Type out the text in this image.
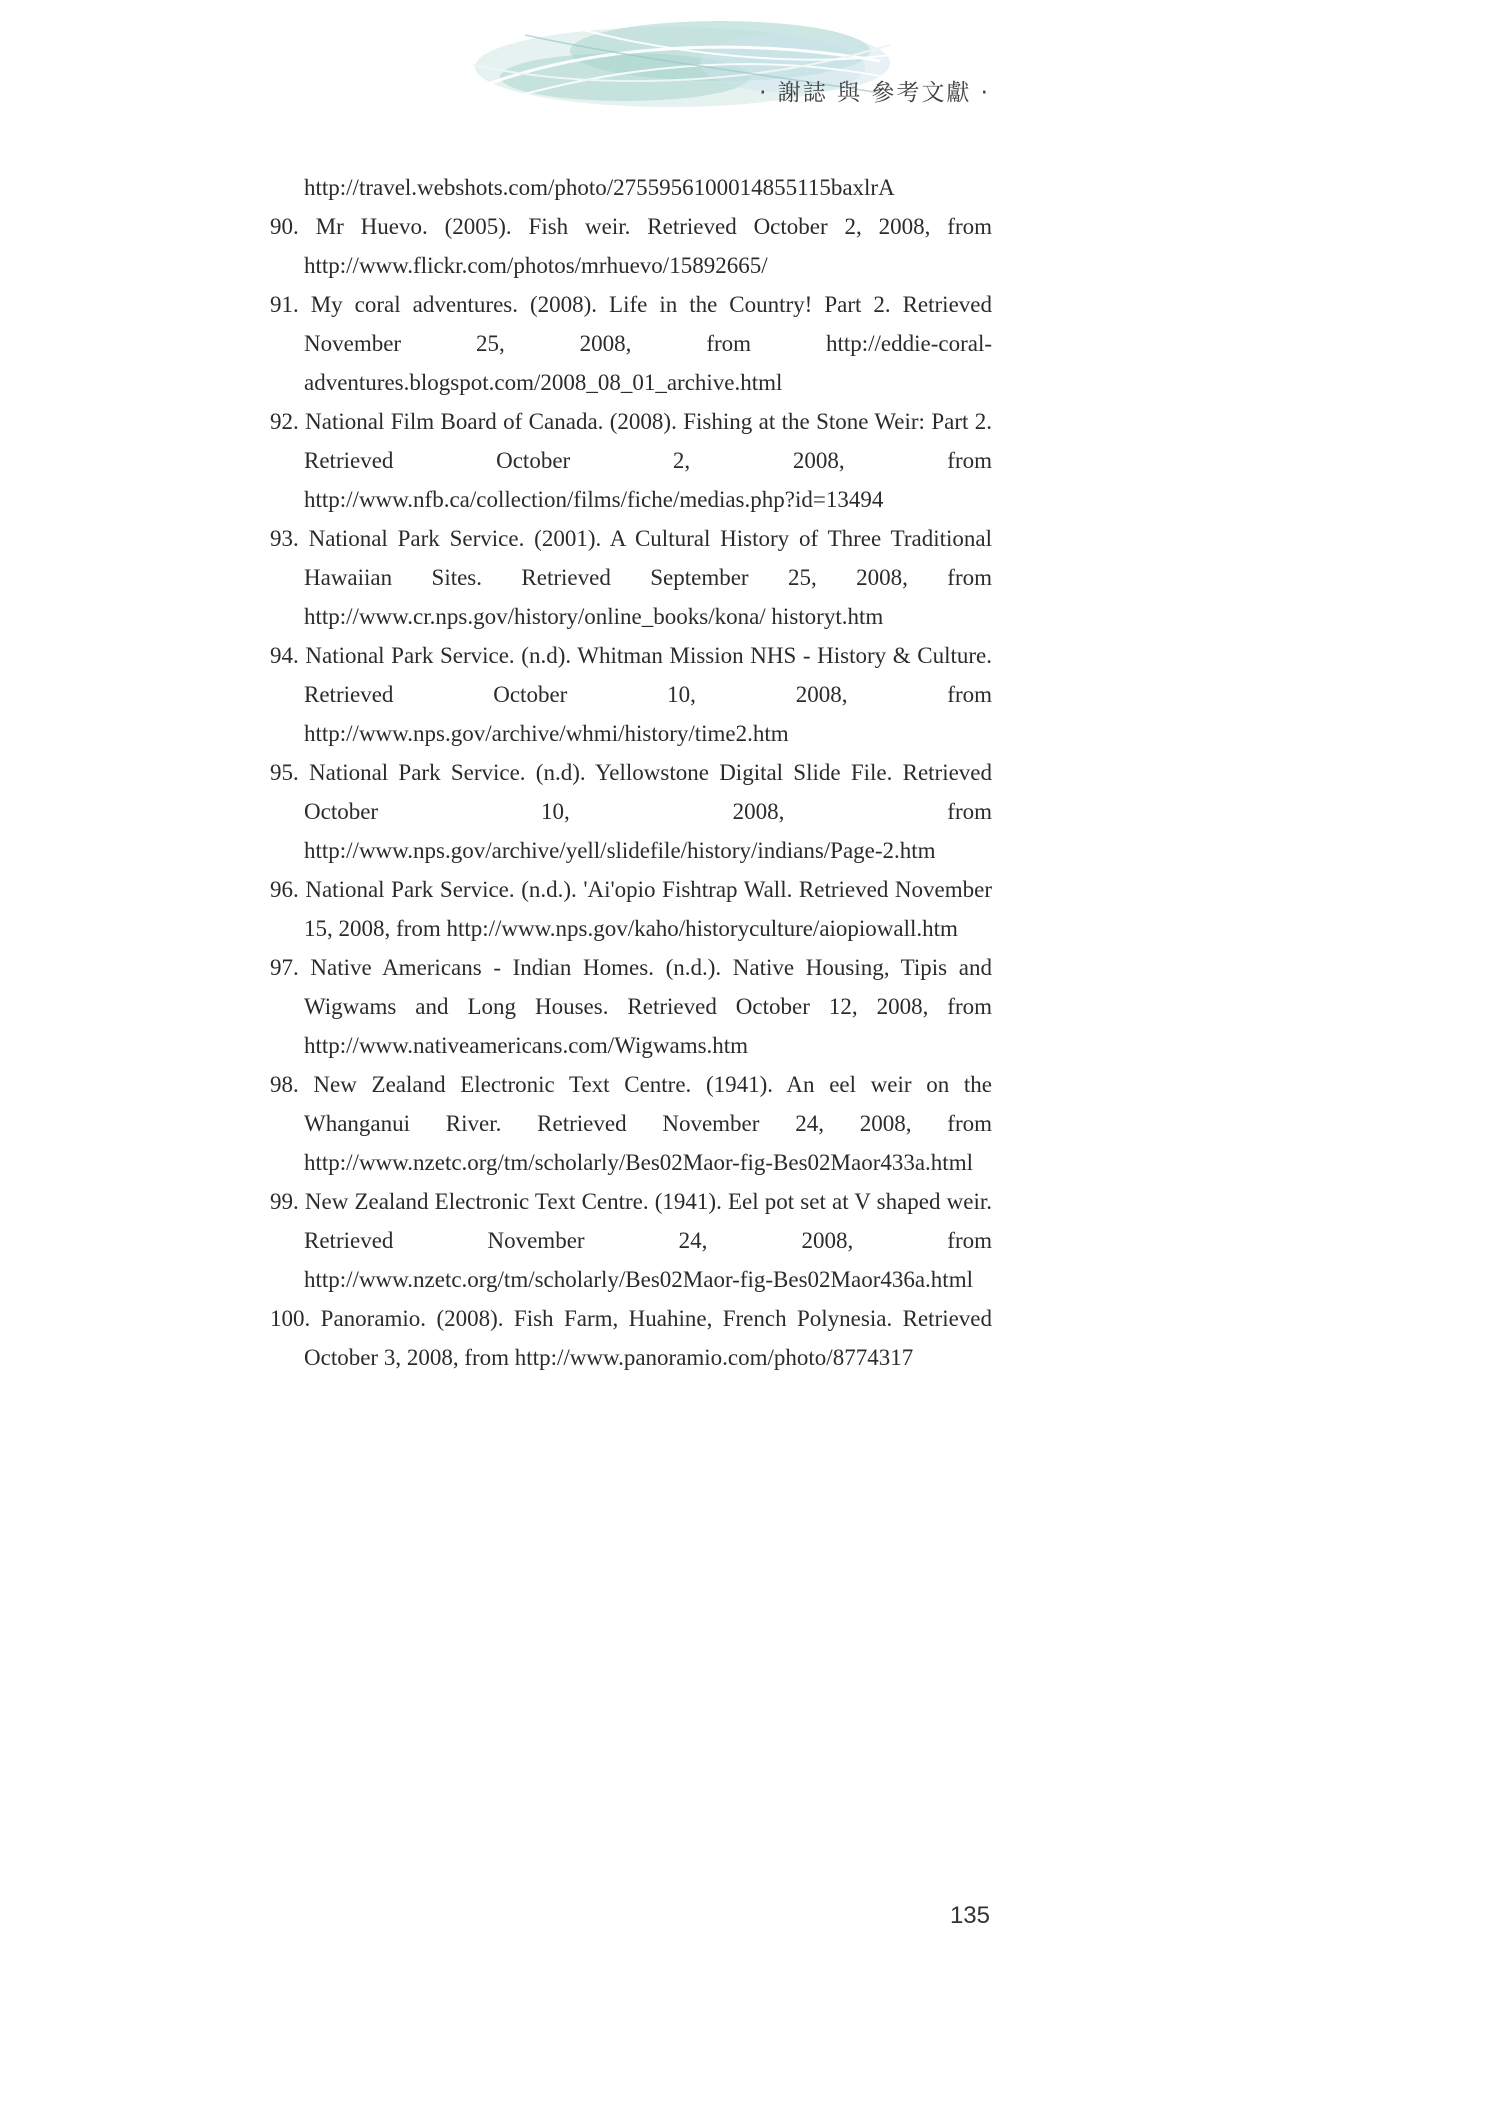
· 謝誌 與 參考文獻 ·

http://travel.webshots.com/photo/2755956100014855115baxlrA

90. Mr Huevo. (2005). Fish weir. Retrieved October 2, 2008, from http://www.flickr.com/photos/mrhuevo/15892665/

91. My coral adventures. (2008). Life in the Country! Part 2. Retrieved November 25, 2008, from http://eddie-coral-adventures.blogspot.com/2008_08_01_archive.html

92. National Film Board of Canada. (2008). Fishing at the Stone Weir: Part 2. Retrieved October 2, 2008, from http://www.nfb.ca/collection/films/fiche/medias.php?id=13494

93. National Park Service. (2001). A Cultural History of Three Traditional Hawaiian Sites. Retrieved September 25, 2008, from http://www.cr.nps.gov/history/online_books/kona/ historyt.htm

94. National Park Service. (n.d). Whitman Mission NHS - History & Culture. Retrieved October 10, 2008, from http://www.nps.gov/archive/whmi/history/time2.htm

95. National Park Service. (n.d). Yellowstone Digital Slide File. Retrieved October 10, 2008, from http://www.nps.gov/archive/yell/slidefile/history/indians/Page-2.htm

96. National Park Service. (n.d.). 'Ai'opio Fishtrap Wall. Retrieved November 15, 2008, from http://www.nps.gov/kaho/historyculture/aiopiowall.htm

97. Native Americans - Indian Homes. (n.d.). Native Housing, Tipis and Wigwams and Long Houses. Retrieved October 12, 2008, from http://www.nativeamericans.com/Wigwams.htm

98. New Zealand Electronic Text Centre. (1941). An eel weir on the Whanganui River. Retrieved November 24, 2008, from http://www.nzetc.org/tm/scholarly/Bes02Maor-fig-Bes02Maor433a.html

99. New Zealand Electronic Text Centre. (1941). Eel pot set at V shaped weir. Retrieved November 24, 2008, from http://www.nzetc.org/tm/scholarly/Bes02Maor-fig-Bes02Maor436a.html

100. Panoramio. (2008). Fish Farm, Huahine, French Polynesia. Retrieved October 3, 2008, from http://www.panoramio.com/photo/8774317

135
